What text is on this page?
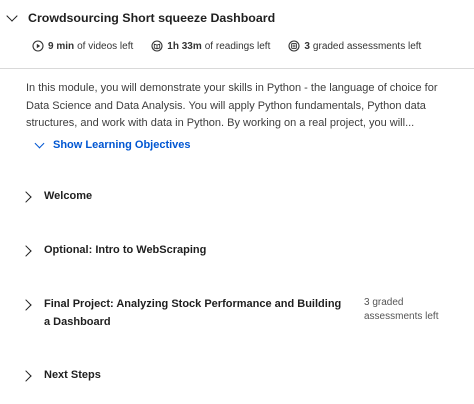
Crowdsourcing Short squeeze Dashboard
9 min of videos left	1h 33m of readings left	3 graded assessments left

In this module, you will demonstrate your skills in Python - the language of choice for Data Science and Data Analysis. You will apply Python fundamentals, Python data structures, and work with data in Python. By working on a real project, you will...

Show Learning Objectives
Welcome
Optional: Intro to WebScraping
Final Project: Analyzing Stock Performance and Building a Dashboard
3 graded assessments left
Next Steps
